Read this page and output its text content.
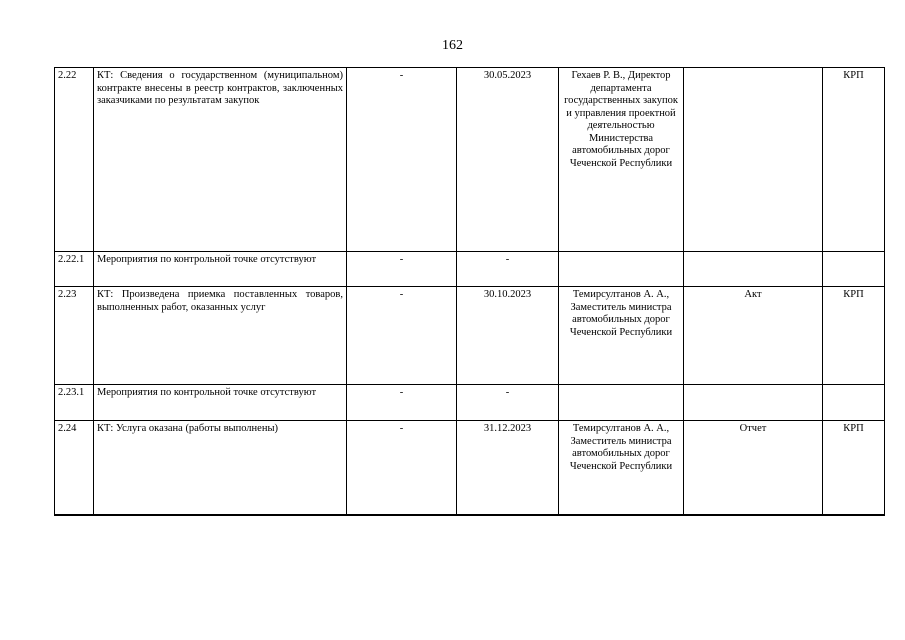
162
2.22	КТ: Сведения о государственном (муниципальном) контракте внесены в реестр контрактов, заключенных заказчиками по результатам закупок	-	30.05.2023	Гехаев Р. В., Директор департамента государственных закупок и управления проектной деятельностью Министерства автомобильных дорог Чеченской Республики		КРП
2.22.1	Мероприятия по контрольной точке отсутствуют	-	-			
2.23	КТ: Произведена приемка поставленных товаров, выполненных работ, оказанных услуг	-	30.10.2023	Темирсултанов А. А., Заместитель министра автомобильных дорог Чеченской Республики	Акт	КРП
2.23.1	Мероприятия по контрольной точке отсутствуют	-	-			
2.24	КТ: Услуга оказана (работы выполнены)	-	31.12.2023	Темирсултанов А. А., Заместитель министра автомобильных дорог Чеченской Республики	Отчет	КРП
